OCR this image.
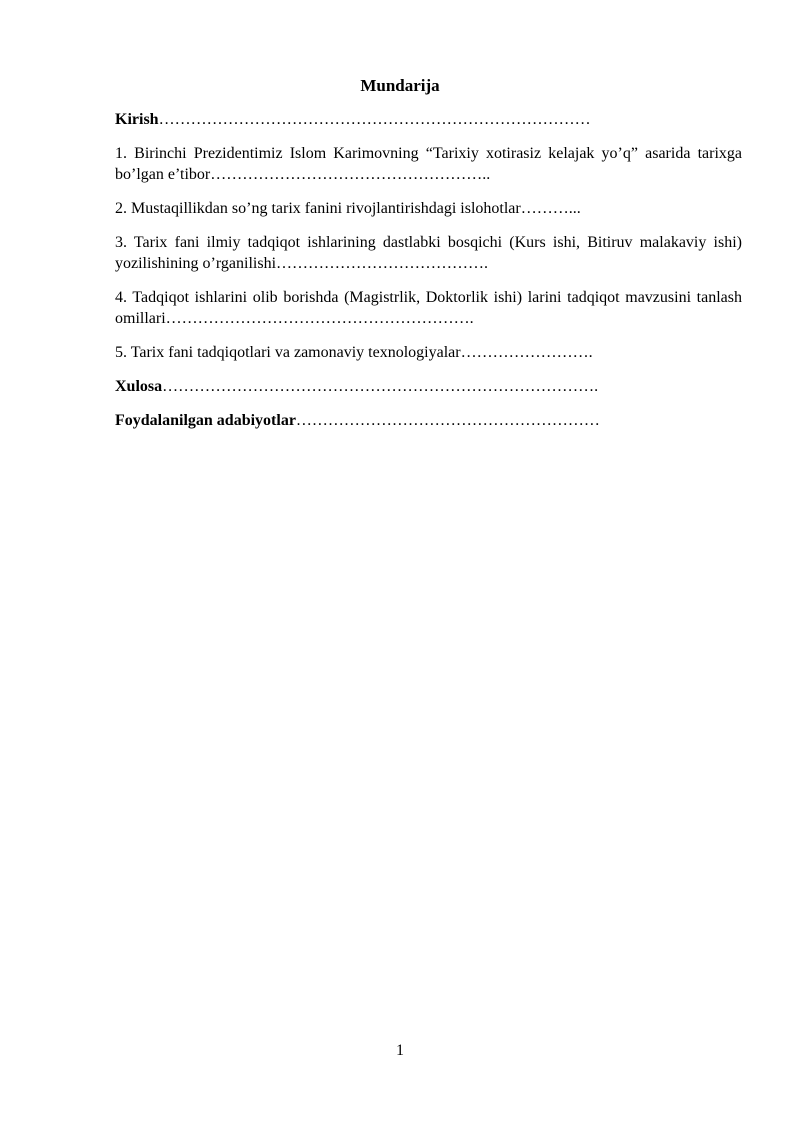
Mundarija

Kirish………………………………………………………………………

1. Birinchi Prezidentimiz Islom Karimovning “Tarixiy xotirasiz kelajak yo’q” asarida tarixga bo’lgan e’tibor……………………………………………..

2. Mustaqillikdan so’ng tarix fanini rivojlantirishdagi islohotlar………...

3. Tarix fani ilmiy tadqiqot ishlarining dastlabki bosqichi (Kurs ishi, Bitiruv malakaviy ishi) yozilishining o’rganilishi………………………………….

4. Tadqiqot ishlarini olib borishda (Magistrlik, Doktorlik ishi) larini tadqiqot mavzusini tanlash omillari………………………………………………….

5. Tarix fani tadqiqotlari va zamonaviy texnologiyalar…………………….

Xulosa……………………………………………………………………….

Foydalanilgan adabiyotlar…………………………………………………

1
